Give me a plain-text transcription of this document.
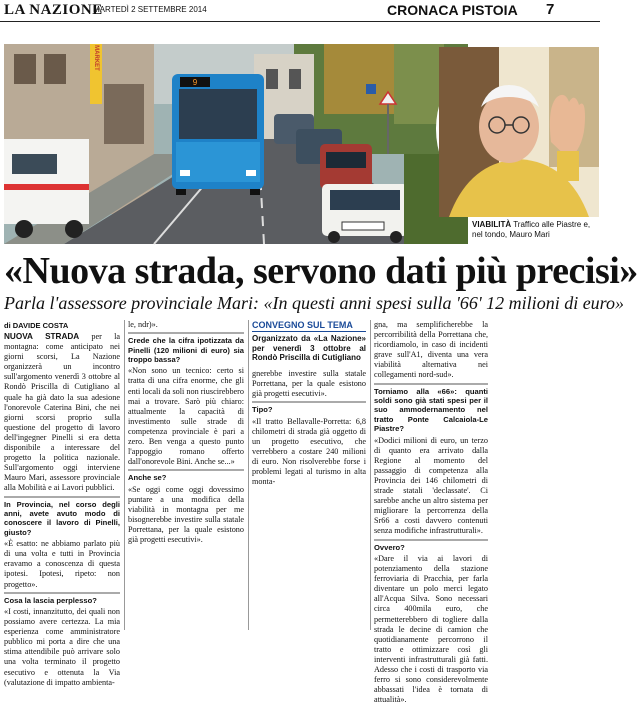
LA NAZIONE
MARTEDÌ 2 SETTEMBRE 2014	CRONACA PISTOIA 7
MARKET
9
VIABILITÀ Traffico alle Piastre e, nel tondo, Mauro Mari
«Nuova strada, servono dati più precisi»
Parla l'assessore provinciale Mari: «In questi anni spesi sulla '66' 12 milioni di euro»
di DAVIDE COSTA

NUOVA STRADA per la montagna: come anticipato nei giorni scorsi, La Nazione organizzerà un incontro sull'argomento venerdì 3 ottobre al Rondò Priscilla di Cutigliano al quale ha già dato la sua adesione l'onorevole Caterina Bini, che nei giorni scorsi proprio sulla questione del progetto di lavoro dell'ingegner Pinelli si era detta disponibile a interessare del progetto la politica nazionale. Sull'argomento oggi interviene Mauro Mari, assessore provinciale alla Mobilità e ai Lavori pubblici.

In Provincia, nel corso degli anni, avete avuto modo di conoscere il lavoro di Pinelli, giusto?

«È esatto: ne abbiamo parlato più di una volta e tutti in Provincia eravamo a conoscenza di questa ipotesi. Ipotesi, ripeto: non progetto».

Cosa la lascia perplesso?

«I costi, innanzitutto, dei quali non possiamo avere certezza. La mia esperienza come amministratore pubblico mi porta a dire che una stima attendibile può arrivare solo una volta terminato il progetto esecutivo e ottenuta la Via (valutazione di impatto ambienta-

le, ndr)».

Crede che la cifra ipotizzata da Pinelli (120 milioni di euro) sia troppo bassa?

«Non sono un tecnico: certo si tratta di una cifra enorme, che gli enti locali da soli non riuscirebbero mai a trovare. Sarò più chiaro: attualmente la capacità di investimento sulle strade di competenza provinciale è pari a zero. Ben venga a questo punto l'appoggio romano offerto dall'onorevole Bini. Anche se...»

Anche se?

«Se oggi come oggi dovessimo puntare a una modifica della viabilità in montagna per me bisognerebbe investire sulla statale Porrettana, per la quale esistono già progetti esecutivi».

CONVEGNO SUL TEMA
Organizzato da «La Nazione» per venerdì 3 ottobre al Rondò Priscilla di Cutigliano

gnerebbe investire sulla statale Porrettana, per la quale esistono già progetti esecutivi».

Tipo?

«Il tratto Bellavalle-Porretta: 6,8 chilometri di strada già oggetto di un progetto esecutivo, che verrebbero a costare 240 milioni di euro. Non risolverebbe forse i problemi legati al turismo in alta monta-

gna, ma semplificherebbe la percorribilità della Porrettana che, ricordiamolo, in caso di incidenti grave sull'A1, diventa una vera viabilità alternativa nei collegamenti nord-sud».

Torniamo alla «66»: quanti soldi sono già stati spesi per il suo ammodernamento nel tratto Ponte Calcaiola-Le Piastre?

«Dodici milioni di euro, un terzo di quanto era arrivato dalla Regione al momento del passaggio di competenza alla Provincia dei 146 chilometri di strade statali 'declassate'. Ci sarebbe anche un altro sistema per migliorare la percorrenza della Sr66 a costi davvero contenuti senza modifiche infrastrutturali».

Ovvero?

«Dare il via ai lavori di potenziamento della stazione ferroviaria di Pracchia, per farla diventare un polo merci legato all'Acqua Silva. Sono necessari circa 400mila euro, che permetterebbero di togliere dalla strada le decine di camion che quotidianamente percorrono il tratto e ottimizzare così gli interventi infrastrutturali già fatti. Adesso che i costi di trasporto via ferro si sono considerevolmente abbassati l'idea è tornata di attualità».
